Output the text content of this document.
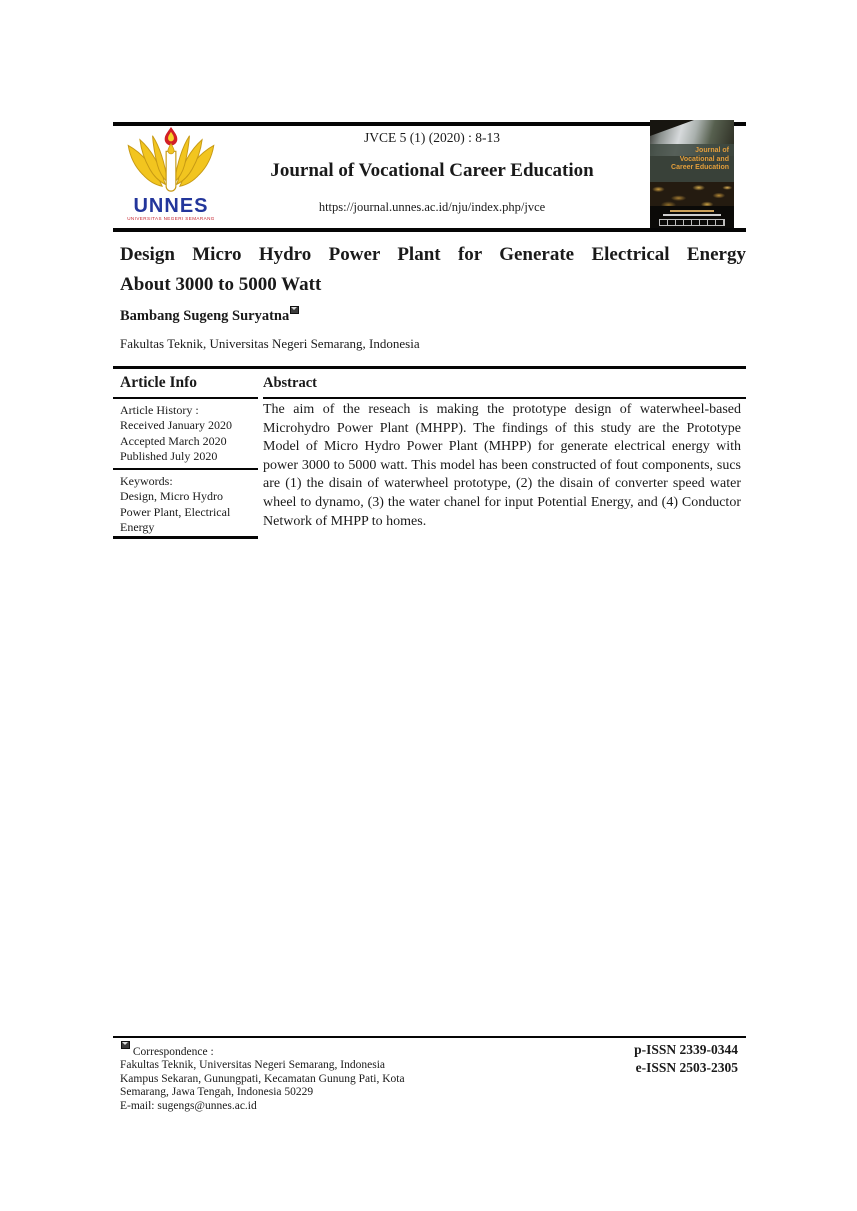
UNNES
UNIVERSITAS NEGERI SEMARANG
JVCE 5 (1) (2020) : 8-13
Journal of Vocational Career Education
https://journal.unnes.ac.id/nju/index.php/jvce
Journal of
Vocational and
Career Education
Design Micro Hydro Power Plant for Generate Electrical Energy
About 3000 to 5000 Watt
Bambang Sugeng Suryatna
Fakultas Teknik, Universitas Negeri Semarang, Indonesia
Article Info	Abstract
Article History :
Received January 2020
Accepted March 2020
Published July 2020
Keywords:
Design, Micro Hydro
Power Plant, Electrical
Energy
The aim of the reseach is making the prototype design of waterwheel-based Microhydro Power Plant (MHPP). The findings of this study are the Prototype Model of Micro Hydro Power Plant (MHPP) for generate electrical energy with power 3000 to 5000 watt. This model has been constructed of fout components, sucs are (1) the disain of waterwheel prototype, (2) the disain of converter speed water wheel to dynamo, (3) the water chanel for input Potential Energy, and (4) Conductor Network of MHPP to homes.
Correspondence :
Fakultas Teknik, Universitas Negeri Semarang, Indonesia
Kampus Sekaran, Gunungpati, Kecamatan Gunung Pati, Kota
Semarang, Jawa Tengah, Indonesia 50229
E-mail: sugengs@unnes.ac.id
p-ISSN 2339-0344
e-ISSN 2503-2305
